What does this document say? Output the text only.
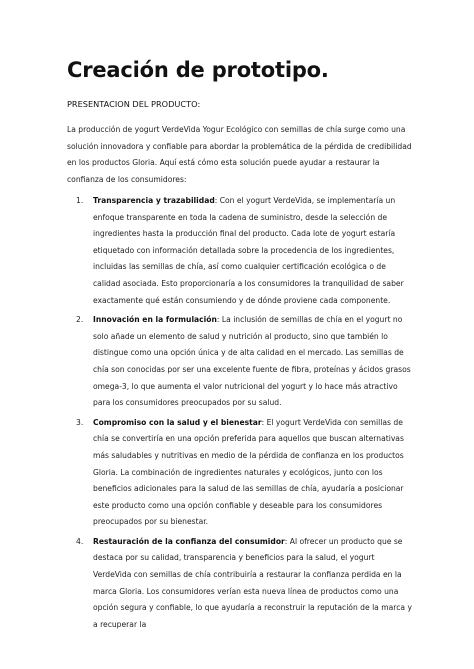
Creación de prototipo.
PRESENTACION DEL PRODUCTO:

La producción de yogurt VerdeVida Yogur Ecológico con semillas de chía surge como una solución innovadora y confiable para abordar la problemática de la pérdida de credibilidad en los productos Gloria. Aquí está cómo esta solución puede ayudar a restaurar la confianza de los consumidores:

1. Transparencia y trazabilidad: Con el yogurt VerdeVida, se implementaría un enfoque transparente en toda la cadena de suministro, desde la selección de ingredientes hasta la producción final del producto. Cada lote de yogurt estaría etiquetado con información detallada sobre la procedencia de los ingredientes, incluidas las semillas de chía, así como cualquier certificación ecológica o de calidad asociada. Esto proporcionaría a los consumidores la tranquilidad de saber exactamente qué están consumiendo y de dónde proviene cada componente.
2. Innovación en la formulación: La inclusión de semillas de chía en el yogurt no solo añade un elemento de salud y nutrición al producto, sino que también lo distingue como una opción única y de alta calidad en el mercado. Las semillas de chía son conocidas por ser una excelente fuente de fibra, proteínas y ácidos grasos omega-3, lo que aumenta el valor nutricional del yogurt y lo hace más atractivo para los consumidores preocupados por su salud.
3. Compromiso con la salud y el bienestar: El yogurt VerdeVida con semillas de chía se convertiría en una opción preferida para aquellos que buscan alternativas más saludables y nutritivas en medio de la pérdida de confianza en los productos Gloria. La combinación de ingredientes naturales y ecológicos, junto con los beneficios adicionales para la salud de las semillas de chía, ayudaría a posicionar este producto como una opción confiable y deseable para los consumidores preocupados por su bienestar.
4. Restauración de la confianza del consumidor: Al ofrecer un producto que se destaca por su calidad, transparencia y beneficios para la salud, el yogurt VerdeVida con semillas de chía contribuiría a restaurar la confianza perdida en la marca Gloria. Los consumidores verían esta nueva línea de productos como una opción segura y confiable, lo que ayudaría a reconstruir la reputación de la marca y a recuperar la
